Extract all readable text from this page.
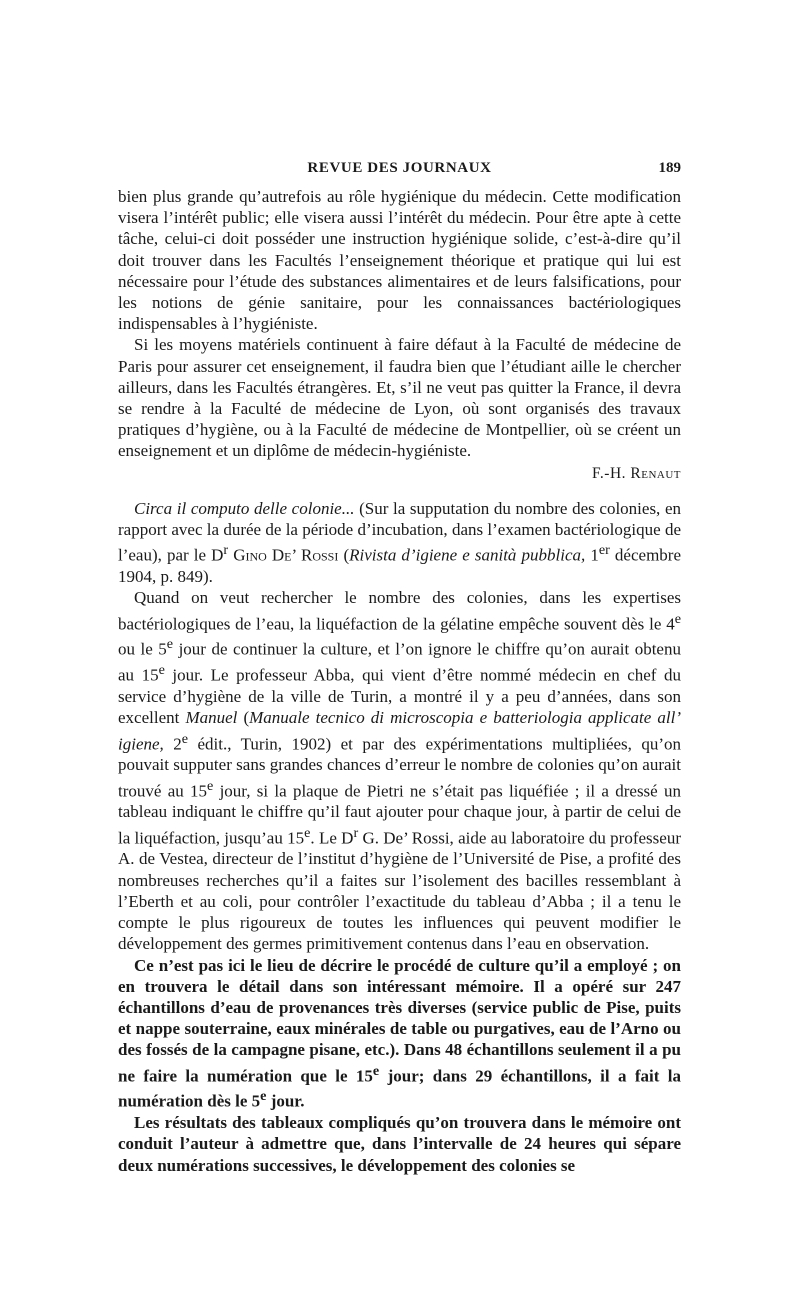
REVUE DES JOURNAUX	189

bien plus grande qu’autrefois au rôle hygiénique du médecin. Cette modification visera l’intérêt public; elle visera aussi l’intérêt du médecin. Pour être apte à cette tâche, celui-ci doit posséder une instruction hygiénique solide, c’est-à-dire qu’il doit trouver dans les Facultés l’enseignement théorique et pratique qui lui est nécessaire pour l’étude des substances alimentaires et de leurs falsifications, pour les notions de génie sanitaire, pour les connaissances bactériologiques indispensables à l’hygiéniste.

Si les moyens matériels continuent à faire défaut à la Faculté de médecine de Paris pour assurer cet enseignement, il faudra bien que l’étudiant aille le chercher ailleurs, dans les Facultés étrangères. Et, s’il ne veut pas quitter la France, il devra se rendre à la Faculté de médecine de Lyon, où sont organisés des travaux pratiques d’hygiène, ou à la Faculté de médecine de Montpellier, où se créent un enseignement et un diplôme de médecin-hygiéniste.

F.-H. Renaut

Circa il computo delle colonie... (Sur la supputation du nombre des colonies, en rapport avec la durée de la période d’incubation, dans l’examen bactériologique de l’eau), par le $D^r$ Gino De’ Rossi (Rivista d’igiene e sanità pubblica, 1er décembre 1904, p. 849).

Quand on veut rechercher le nombre des colonies, dans les expertises bactériologiques de l’eau, la liquéfaction de la gélatine empêche souvent dès le 4e ou le 5e jour de continuer la culture, et l’on ignore le chiffre qu’on aurait obtenu au 15e jour. Le professeur Abba, qui vient d’être nommé médecin en chef du service d’hygiène de la ville de Turin, a montré il y a peu d’années, dans son excellent Manuel (Manuale tecnico di microscopia e batteriologia applicate all’ igiene, 2e édit., Turin, 1902) et par des expérimentations multipliées, qu’on pouvait supputer sans grandes chances d’erreur le nombre de colonies qu’on aurait trouvé au 15e jour, si la plaque de Pietri ne s’était pas liquéfiée ; il a dressé un tableau indiquant le chiffre qu’il faut ajouter pour chaque jour, à partir de celui de la liquéfaction, jusqu’au 15e. Le $D^r$ G. De’ Rossi, aide au laboratoire du professeur A. de Vestea, directeur de l’institut d’hygiène de l’Université de Pise, a profité des nombreuses recherches qu’il a faites sur l’isolement des bacilles ressemblant à l’Eberth et au coli, pour contrôler l’exactitude du tableau d’Abba ; il a tenu le compte le plus rigoureux de toutes les influences qui peuvent modifier le développement des germes primitivement contenus dans l’eau en observation.

Ce n’est pas ici le lieu de décrire le procédé de culture qu’il a employé ; on en trouvera le détail dans son intéressant mémoire. Il a opéré sur 247 échantillons d’eau de provenances très diverses (service public de Pise, puits et nappe souterraine, eaux minérales de table ou purgatives, eau de l’Arno ou des fossés de la campagne pisane, etc.). Dans 48 échantillons seulement il a pu ne faire la numération que le 15e jour; dans 29 échantillons, il a fait la numération dès le 5e jour.

Les résultats des tableaux compliqués qu’on trouvera dans le mémoire ont conduit l’auteur à admettre que, dans l’intervalle de 24 heures qui sépare deux numérations successives, le développement des colonies se
